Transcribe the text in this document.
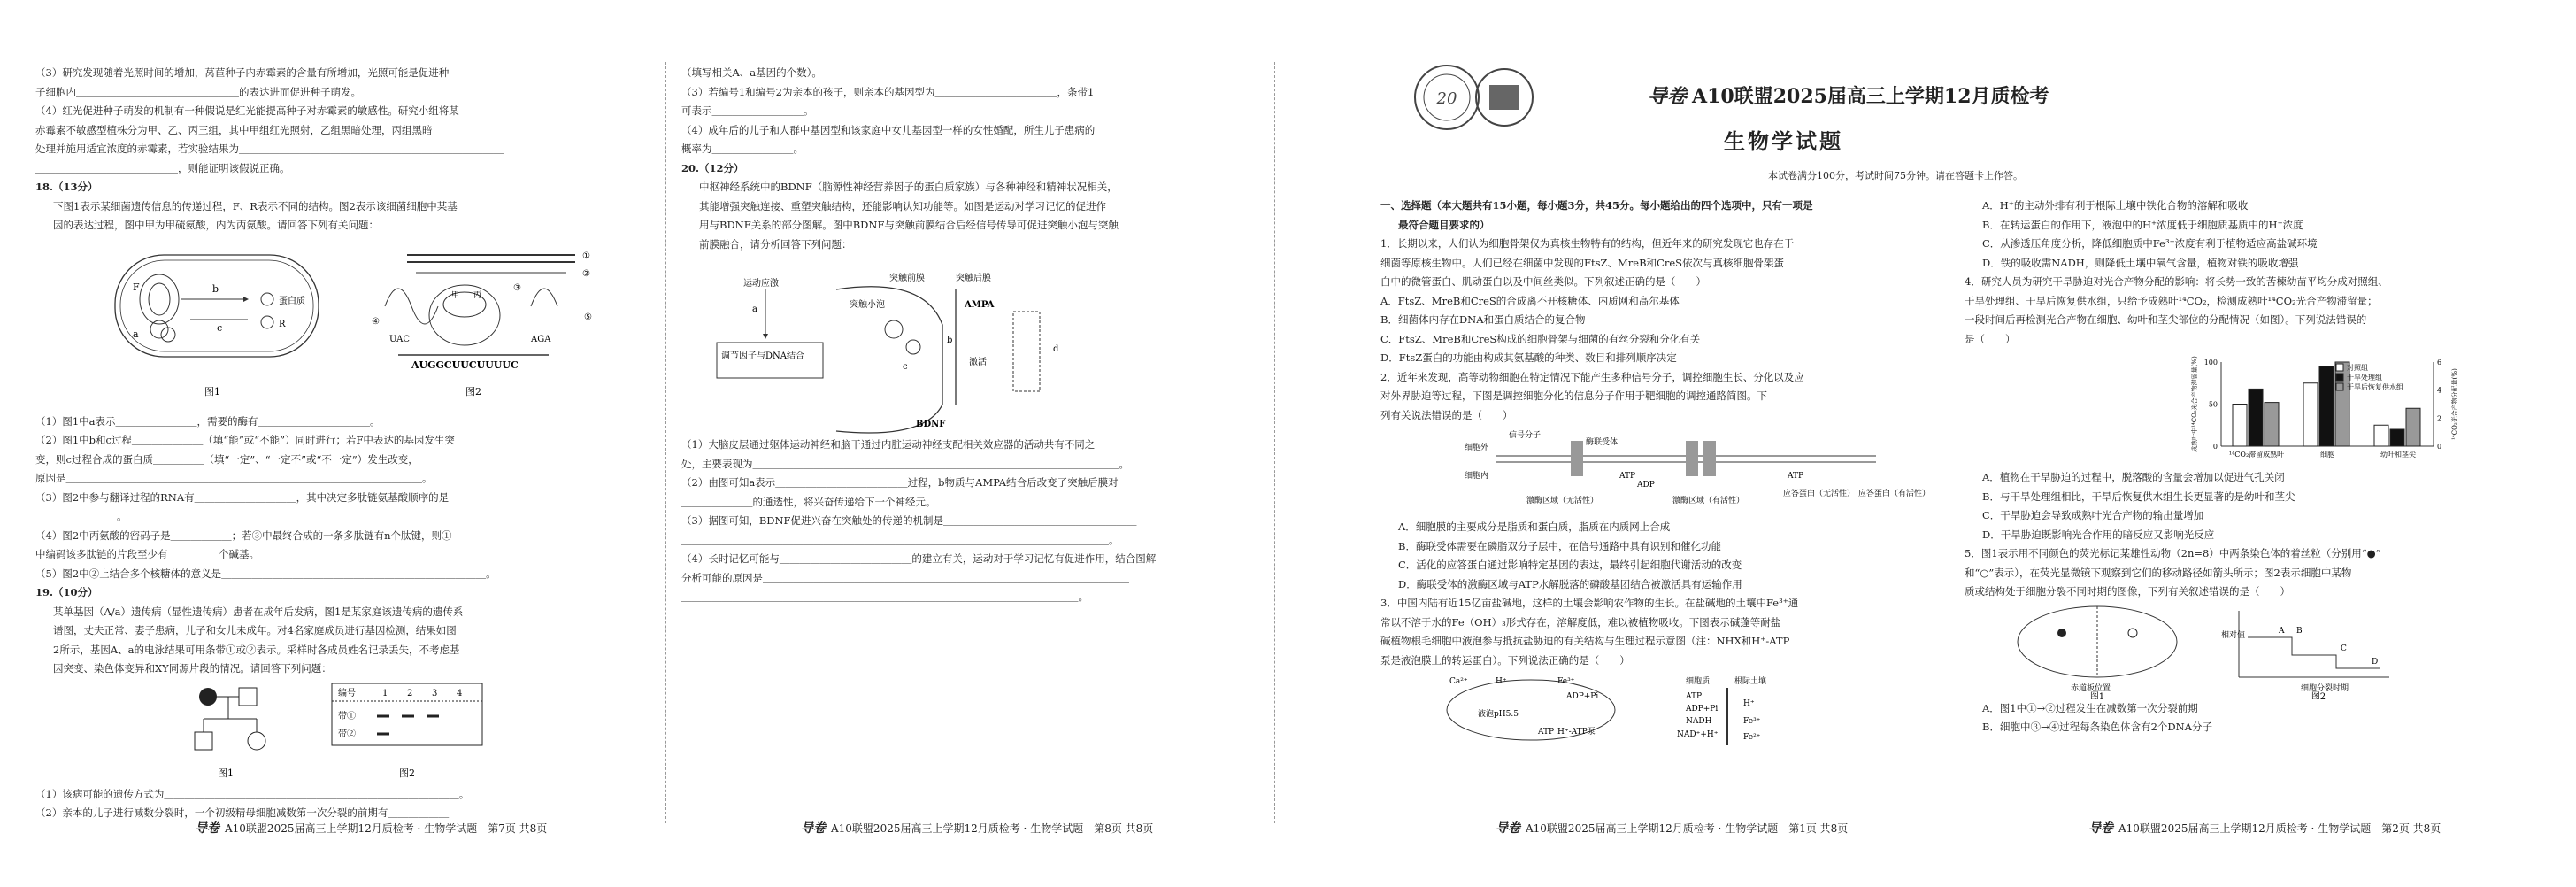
（3）研究发现随着光照时间的增加，莴苣种子内赤霉素的含量有所增加，光照可能是促进种
子细胞内＿＿＿＿＿＿＿＿＿＿＿＿＿＿＿＿的表达进而促进种子萌发。
（4）红光促进种子萌发的机制有一种假说是红光能提高种子对赤霉素的敏感性。研究小组将某
赤霉素不敏感型植株分为甲、乙、丙三组，其中甲组红光照射，乙组黑暗处理，丙组黑暗
处理并施用适宜浓度的赤霉素，若实验结果为＿＿＿＿＿＿＿＿＿＿＿＿＿＿＿＿＿＿＿＿＿＿＿＿＿＿
＿＿＿＿＿＿＿＿＿＿＿＿＿＿，则能证明该假说正确。
18.（13分）
下图1表示某细菌遗传信息的传递过程，F、R表示不同的结构。图2表示该细菌细胞中某基
因的表达过程，图中甲为甲硫氨酸，内为丙氨酸。请回答下列有关问题：
F	b
c
蛋白质
R
a
图1
①
②
甲 丙
UAC	AGA
AUGGCUUCUUUUC
⑤
④
③
图2
（1）图1中a表示＿＿＿＿＿＿＿＿，需要的酶有＿＿＿＿＿＿＿＿＿＿＿。
（2）图1中b和c过程＿＿＿＿＿＿＿（填“能”或“不能”）同时进行；若F中表达的基因发生突
变，则c过程合成的蛋白质＿＿＿＿＿（填“一定”、“一定不”或“不一定”）发生改变，
原因是＿＿＿＿＿＿＿＿＿＿＿＿＿＿＿＿＿＿＿＿＿＿＿＿＿＿＿＿＿＿＿＿＿＿＿。
（3）图2中参与翻译过程的RNA有＿＿＿＿＿＿＿＿＿＿，其中决定多肽链氨基酸顺序的是
＿＿＿＿＿＿＿＿。
（4）图2中丙氨酸的密码子是＿＿＿＿＿＿；若③中最终合成的一条多肽链有n个肽键，则①
中编码该多肽链的片段至少有＿＿＿＿＿个碱基。
（5）图2中②上结合多个核糖体的意义是＿＿＿＿＿＿＿＿＿＿＿＿＿＿＿＿＿＿＿＿＿＿＿＿＿＿。
19.（10分）
某单基因（A/a）遗传病（显性遗传病）患者在成年后发病，图1是某家庭该遗传病的遗传系
谱图，丈夫正常、妻子患病，儿子和女儿未成年。对4名家庭成员进行基因检测，结果如图
2所示，基因A、a的电泳结果可用条带①或②表示。采样时各成员姓名记录丢失，不考虑基
因突变、染色体变异和XY同源片段的情况。请回答下列问题：
图1
编号	1 2 3 4
带①
带②
图2
（1）该病可能的遗传方式为＿＿＿＿＿＿＿＿＿＿＿＿＿＿＿＿＿＿＿＿＿＿＿＿＿＿＿＿＿。
（2）亲本的儿子进行减数分裂时，一个初级精母细胞减数第一次分裂的前期有＿＿＿＿＿＿
导卷 A10联盟2025届高三上学期12月质检考 · 生物学试题　第7页 共8页
（填写相关A、a基因的个数）。
（3）若编号1和编号2为亲本的孩子，则亲本的基因型为＿＿＿＿＿＿＿＿＿＿＿＿，条带1
可表示＿＿＿＿＿＿＿＿＿。
（4）成年后的儿子和人群中基因型和该家庭中女儿基因型一样的女性婚配，所生儿子患病的
概率为＿＿＿＿＿＿＿＿。
20.（12分）
中枢神经系统中的BDNF（脑源性神经营养因子的蛋白质家族）与各种神经和精神状况相关，
其能增强突触连接、重塑突触结构，还能影响认知功能等。如图是运动对学习记忆的促进作
用与BDNF关系的部分图解。图中BDNF与突触前膜结合后经信号传导可促进突触小泡与突触
前膜融合，请分析回答下列问题：
运动应激
a
调节因子与DNA结合
突触小泡
突触前膜	突触后膜
AMPA
b
c	激活
d
BDNF
（1）大脑皮层通过躯体运动神经和脑干通过内脏运动神经支配相关效应器的活动共有不同之
处，主要表现为＿＿＿＿＿＿＿＿＿＿＿＿＿＿＿＿＿＿＿＿＿＿＿＿＿＿＿＿＿＿＿＿＿＿＿＿。
（2）由图可知a表示＿＿＿＿＿＿＿＿＿＿＿＿＿过程，b物质与AMPA结合后改变了突触后膜对
＿＿＿＿＿＿＿的通透性，将兴奋传递给下一个神经元。
（3）据图可知，BDNF促进兴奋在突触处的传递的机制是＿＿＿＿＿＿＿＿＿＿＿＿＿＿＿＿＿＿＿
＿＿＿＿＿＿＿＿＿＿＿＿＿＿＿＿＿＿＿＿＿＿＿＿＿＿＿＿＿＿＿＿＿＿＿＿＿＿＿＿＿＿。
（4）长时记忆可能与＿＿＿＿＿＿＿＿＿＿＿＿＿的建立有关，运动对于学习记忆有促进作用，结合图解
分析可能的原因是＿＿＿＿＿＿＿＿＿＿＿＿＿＿＿＿＿＿＿＿＿＿＿＿＿＿＿＿＿＿＿＿＿＿＿＿
＿＿＿＿＿＿＿＿＿＿＿＿＿＿＿＿＿＿＿＿＿＿＿＿＿＿＿＿＿＿＿＿＿＿＿＿＿＿＿。
导卷 A10联盟2025届高三上学期12月质检考 · 生物学试题　第8页 共8页
20	导卷 A10联盟2025届高三上学期12月质检考
生物学试题
本试卷满分100分，考试时间75分钟。请在答题卡上作答。
一、选择题（本大题共有15小题，每小题3分，共45分。每小题给出的四个选项中，只有一项是
最符合题目要求的）
1．长期以来，人们认为细胞骨架仅为真核生物特有的结构，但近年来的研究发现它也存在于
细菌等原核生物中。人们已经在细菌中发现的FtsZ、MreB和CreS依次与真核细胞骨架蛋
白中的微管蛋白、肌动蛋白以及中间丝类似。下列叙述正确的是（　　）
A．FtsZ、MreB和CreS的合成离不开核糖体、内质网和高尔基体
B．细菌体内存在DNA和蛋白质结合的复合物
C．FtsZ、MreB和CreS构成的细胞骨架与细菌的有丝分裂和分化有关
D．FtsZ蛋白的功能由构成其氨基酸的种类、数目和排列顺序决定
2．近年来发现，高等动物细胞在特定情况下能产生多种信号分子，调控细胞生长、分化以及应
对外界胁迫等过程，下图是调控细胞分化的信息分子作用于靶细胞的调控通路简图。下
列有关说法错误的是（　　）
细胞外
细胞内
信号分子
酶联受体
激酶区域（无活性）
ATP
ADP
激酶区域（有活性）
ATP
应答蛋白（无活性） 应答蛋白（有活性）
A．细胞膜的主要成分是脂质和蛋白质，脂质在内质网上合成
B．酶联受体需要在磷脂双分子层中，在信号通路中具有识别和催化功能
C．活化的应答蛋白通过影响特定基因的表达，最终引起细胞代谢活动的改变
D．酶联受体的激酶区域与ATP水解脱落的磷酸基团结合被激活具有运输作用
3．中国内陆有近15亿亩盐碱地，这样的土壤会影响农作物的生长。在盐碱地的土壤中Fe³⁺通
常以不溶于水的Fe（OH）₃形式存在，溶解度低，难以被植物吸收。下图表示碱蓬等耐盐
碱植物根毛细胞中液泡参与抵抗盐胁迫的有关结构与生理过程示意图（注：NHX和H⁺-ATP
泵是液泡膜上的转运蛋白）。下列说法正确的是（　　）
液泡pH5.5
Ca²⁺	H⁺	Fe³⁺
ADP+Pi
H⁺-ATP泵
ATP
细胞质	根际土壤
ATP
ADP+Pi
NADH
NAD⁺+H⁺
H⁺
Fe³⁺
Fe²⁺
导卷 A10联盟2025届高三上学期12月质检考 · 生物学试题　第1页 共8页
A．H⁺的主动外排有利于根际土壤中铁化合物的溶解和吸收
B．在转运蛋白的作用下，液泡中的H⁺浓度低于细胞质基质中的H⁺浓度
C．从渗透压角度分析，降低细胞质中Fe³⁺浓度有利于植物适应高盐碱环境
D．铁的吸收需NADH，则降低土壤中氧气含量，植物对铁的吸收增强
4．研究人员为研究干旱胁迫对光合产物分配的影响：将长势一致的苦楝幼苗平均分成对照组、
干旱处理组、干旱后恢复供水组，只给予成熟叶¹⁴CO₂，检测成熟叶¹⁴CO₂光合产物滞留量；
一段时间后再检测光合产物在细胞、幼叶和茎尖部位的分配情况（如图）。下列说法错误的
是（　　）
0
50
100
0
2
4
6
¹⁴CO₂滞留成熟叶	细胞	幼叶和茎尖
成熟叶中¹⁴CO₂光合产物滞留量(%)	¹⁴CO₂光合产物分配量(%)
对照组
干旱处理组
干旱后恢复供水组
A．植物在干旱胁迫的过程中，脱落酸的含量会增加以促进气孔关闭
B．与干旱处理组相比，干旱后恢复供水组生长更显著的是幼叶和茎尖
C．干旱胁迫会导致成熟叶光合产物的输出量增加
D．干旱胁迫既影响光合作用的暗反应又影响光反应
5．图1表示用不同颜色的荧光标记某雄性动物（2n=8）中两条染色体的着丝粒（分别用“●”
和“○”表示），在荧光显微镜下观察到它们的移动路径如箭头所示；图2表示细胞中某物
质或结构处于细胞分裂不同时期的图像，下列有关叙述错误的是（　　）
赤道板位置
图1
相对值
细胞分裂时期
A B
C
D
图2
A．图1中①→②过程发生在减数第一次分裂前期
B．细胞中③→④过程每条染色体含有2个DNA分子
导卷 A10联盟2025届高三上学期12月质检考 · 生物学试题　第2页 共8页
